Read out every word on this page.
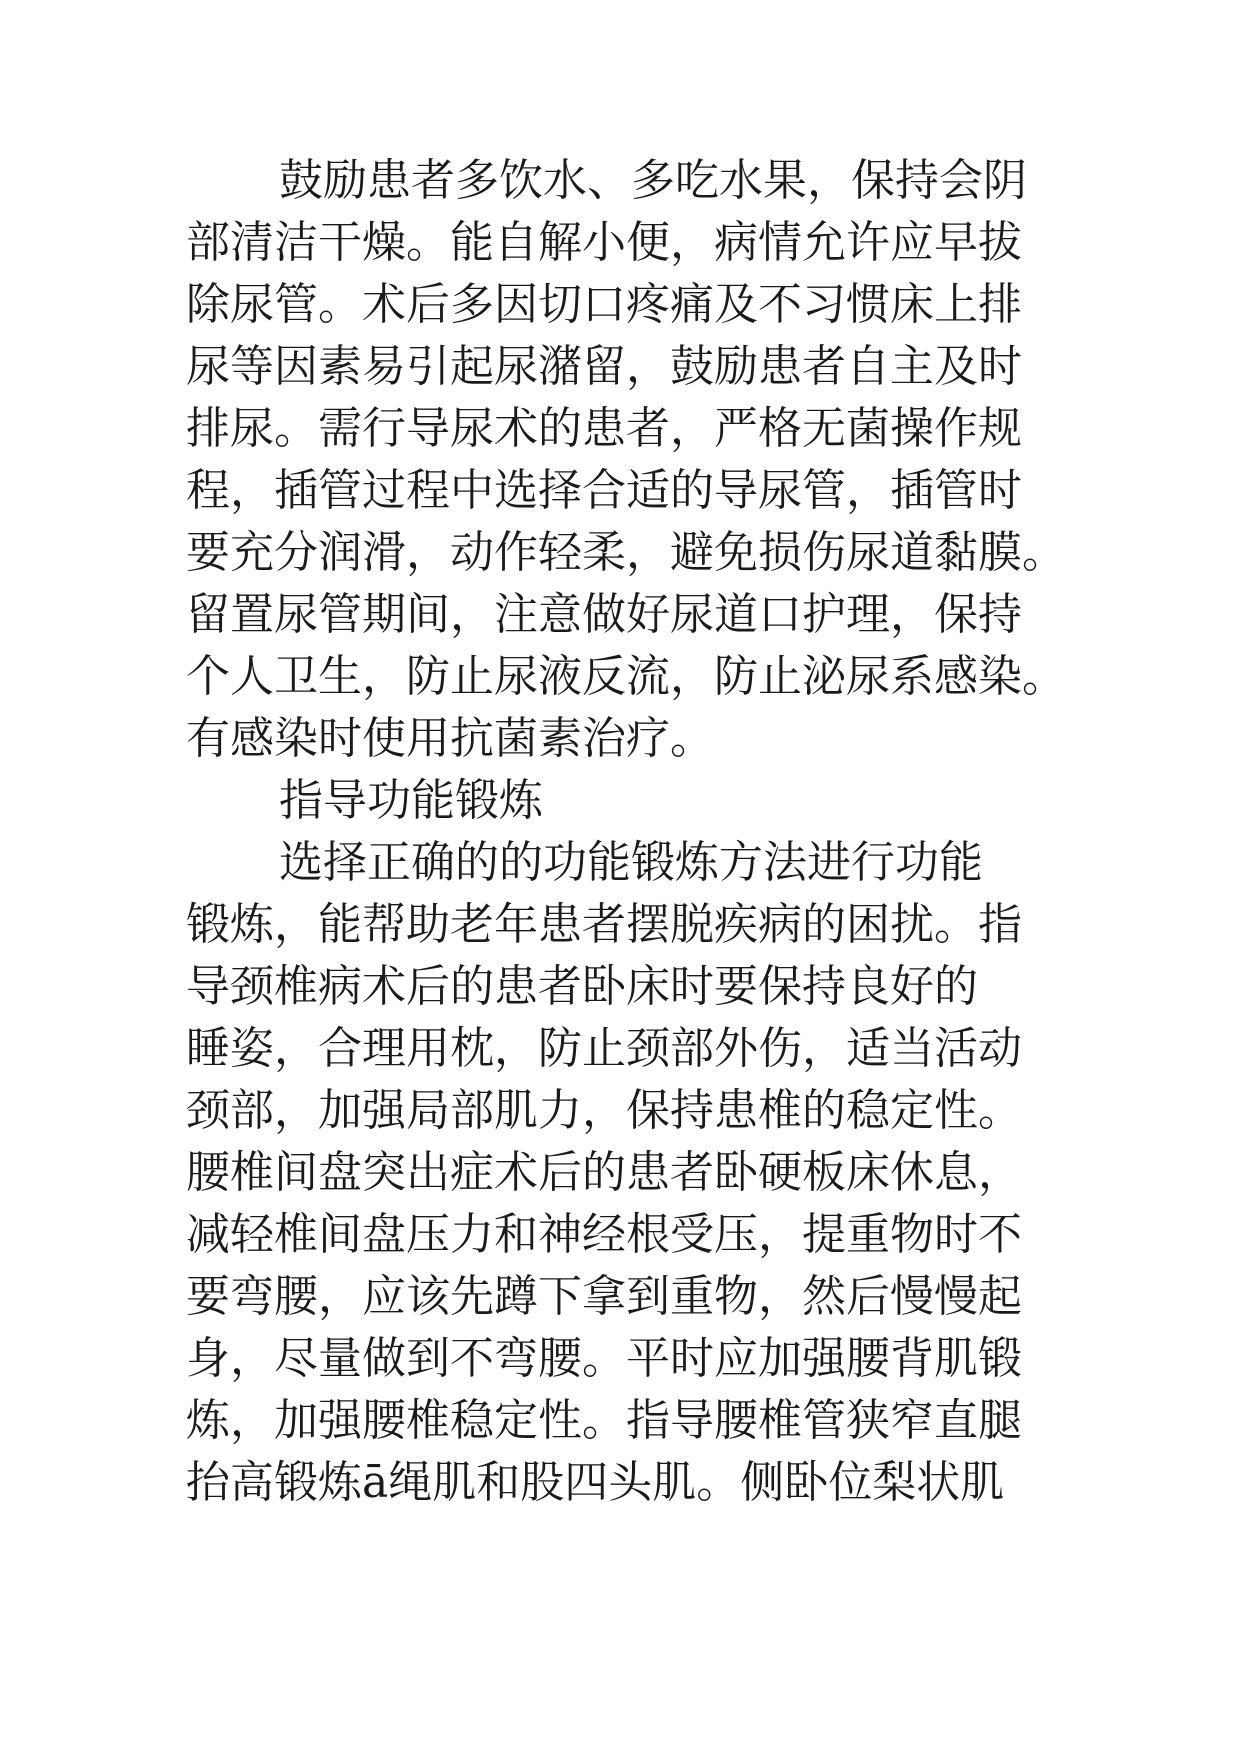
鼓励患者多饮水、多吃水果，保持会阴
部清洁干燥。能自解小便，病情允许应早拔
除尿管。术后多因切口疼痛及不习惯床上排
尿等因素易引起尿潴留，鼓励患者自主及时
排尿。需行导尿术的患者，严格无菌操作规
程，插管过程中选择合适的导尿管，插管时
要充分润滑，动作轻柔，避免损伤尿道黏膜。
留置尿管期间，注意做好尿道口护理，保持
个人卫生，防止尿液反流，防止泌尿系感染。
有感染时使用抗菌素治疗。
指导功能锻炼
选择正确的的功能锻炼方法进行功能
锻炼，能帮助老年患者摆脱疾病的困扰。指
导颈椎病术后的患者卧床时要保持良好的
睡姿，合理用枕，防止颈部外伤，适当活动
颈部，加强局部肌力，保持患椎的稳定性。
腰椎间盘突出症术后的患者卧硬板床休息，
减轻椎间盘压力和神经根受压，提重物时不
要弯腰，应该先蹲下拿到重物，然后慢慢起
身，尽量做到不弯腰。平时应加强腰背肌锻
炼，加强腰椎稳定性。指导腰椎管狭窄直腿
抬高锻炼ā绳肌和股四头肌。侧卧位梨状肌
